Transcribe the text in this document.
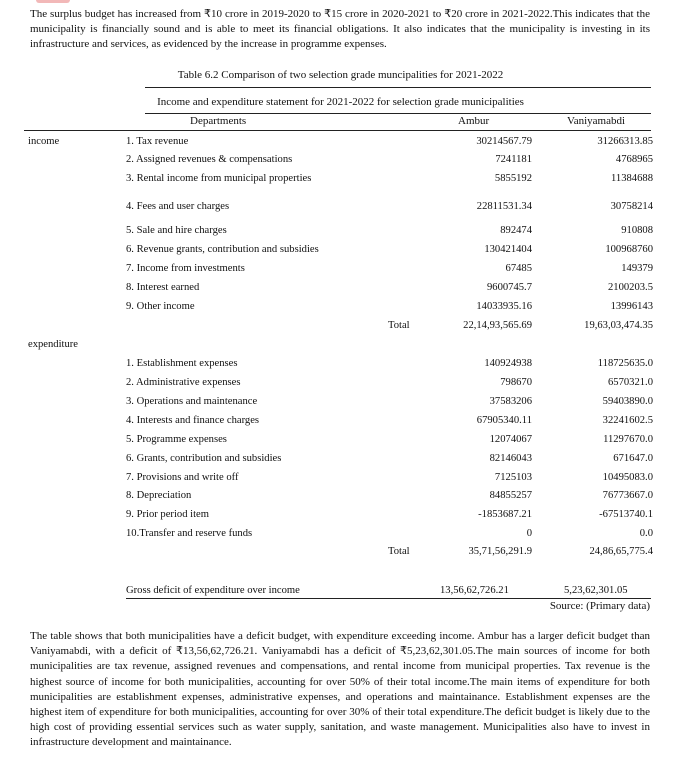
The surplus budget has increased from ₹10 crore in 2019-2020 to ₹15 crore in 2020-2021 to ₹20 crore in 2021-2022.This indicates that the municipality is financially sound and is able to meet its financial obligations. It also indicates that the municipality is investing in its infrastructure and services, as evidenced by the increase in programme expenses.

Table 6.2 Comparison of two selection grade muncipalities for 2021-2022
Income and expenditure statement for 2021-2022 for selection grade municipalities
Departments	Ambur	Vaniyamabdi
income	1. Tax revenue	30214567.79	31266313.85
2. Assigned revenues & compensations	7241181	4768965
3. Rental income from municipal properties	5855192	11384688
4. Fees and user charges	22811531.34	30758214
5. Sale and hire charges	892474	910808
6. Revenue grants, contribution and subsidies	130421404	100968760
7. Income from investments	67485	149379
8. Interest earned	9600745.7	2100203.5
9. Other income	14033935.16	13996143
Total	22,14,93,565.69	19,63,03,474.35
expenditure
1. Establishment expenses	140924938	118725635.0
2. Administrative expenses	798670	6570321.0
3. Operations and maintenance	37583206	59403890.0
4. Interests and finance charges	67905340.11	32241602.5
5. Programme expenses	12074067	11297670.0
6. Grants, contribution and subsidies	82146043	671647.0
7. Provisions and write off	7125103	10495083.0
8. Depreciation	84855257	76773667.0
9. Prior period item	-1853687.21	-67513740.1
10.Transfer and reserve funds	0	0.0
Total	35,71,56,291.9	24,86,65,775.4
Gross deficit of expenditure over income	13,56,62,726.21	5,23,62,301.05
Source: (Primary data)

The table shows that both municipalities have a deficit budget, with expenditure exceeding income. Ambur has a larger deficit budget than Vaniyamabdi, with a deficit of ₹13,56,62,726.21. Vaniyamabdi has a deficit of ₹5,23,62,301.05.The main sources of income for both municipalities are tax revenue, assigned revenues and compensations, and rental income from municipal properties. Tax revenue is the highest source of income for both municipalities, accounting for over 50% of their total income.The main items of expenditure for both municipalities are establishment expenses, administrative expenses, and operations and maintainance. Establishment expenses are the highest item of expenditure for both municipalities, accounting for over 30% of their total expenditure.The deficit budget is likely due to the high cost of providing essential services such as water supply, sanitation, and waste management. Municipalities also have to invest in infrastructure development and maintainance.
